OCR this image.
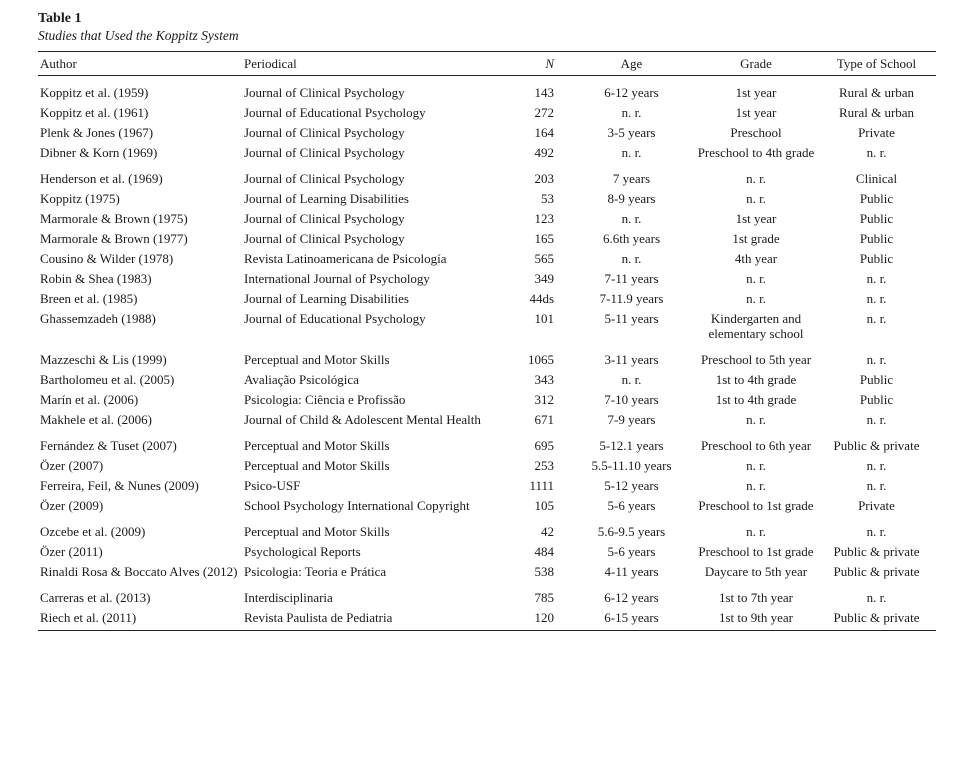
Table 1
Studies that Used the Koppitz System
Author	Periodical	N	Age	Grade	Type of School
Koppitz et al. (1959)	Journal of Clinical Psychology	143	6-12 years	1st year	Rural & urban
Koppitz et al. (1961)	Journal of Educational Psychology	272	n. r.	1st year	Rural & urban
Plenk & Jones (1967)	Journal of Clinical Psychology	164	3-5 years	Preschool	Private
Dibner & Korn (1969)	Journal of Clinical Psychology	492	n. r.	Preschool to 4th grade	n. r.
Henderson et al. (1969)	Journal of Clinical Psychology	203	7 years	n. r.	Clinical
Koppitz (1975)	Journal of Learning Disabilities	53	8-9 years	n. r.	Public
Marmorale & Brown (1975)	Journal of Clinical Psychology	123	n. r.	1st year	Public
Marmorale & Brown (1977)	Journal of Clinical Psychology	165	6.6th years	1st grade	Public
Cousino & Wilder (1978)	Revista Latinoamericana de Psicología	565	n. r.	4th year	Public
Robin & Shea (1983)	International Journal of Psychology	349	7-11 years	n. r.	n. r.
Breen et al. (1985)	Journal of Learning Disabilities	44ds	7-11.9 years	n. r.	n. r.
Ghassemzadeh (1988)	Journal of Educational Psychology	101	5-11 years	Kindergarten and elementary school	n. r.
Mazzeschi & Lis (1999)	Perceptual and Motor Skills	1065	3-11 years	Preschool to 5th year	n. r.
Bartholomeu et al. (2005)	Avaliação Psicológica	343	n. r.	1st to 4th grade	Public
Marín et al. (2006)	Psicologia: Ciência e Profissão	312	7-10 years	1st to 4th grade	Public
Makhele et al. (2006)	Journal of Child & Adolescent Mental Health	671	7-9 years	n. r.	n. r.
Fernández & Tuset (2007)	Perceptual and Motor Skills	695	5-12.1 years	Preschool to 6th year	Public & private
Özer (2007)	Perceptual and Motor Skills	253	5.5-11.10 years	n. r.	n. r.
Ferreira, Feil, & Nunes (2009)	Psico-USF	1111	5-12 years	n. r.	n. r.
Özer (2009)	School Psychology International Copyright	105	5-6 years	Preschool to 1st grade	Private
Ozcebe et al. (2009)	Perceptual and Motor Skills	42	5.6-9.5 years	n. r.	n. r.
Özer (2011)	Psychological Reports	484	5-6 years	Preschool to 1st grade	Public & private
Rinaldi Rosa & Boccato Alves (2012)	Psicologia: Teoria e Prática	538	4-11 years	Daycare to 5th year	Public & private
Carreras et al. (2013)	Interdisciplinaria	785	6-12 years	1st to 7th year	n. r.
Riech et al. (2011)	Revista Paulista de Pediatria	120	6-15 years	1st to 9th year	Public & private
